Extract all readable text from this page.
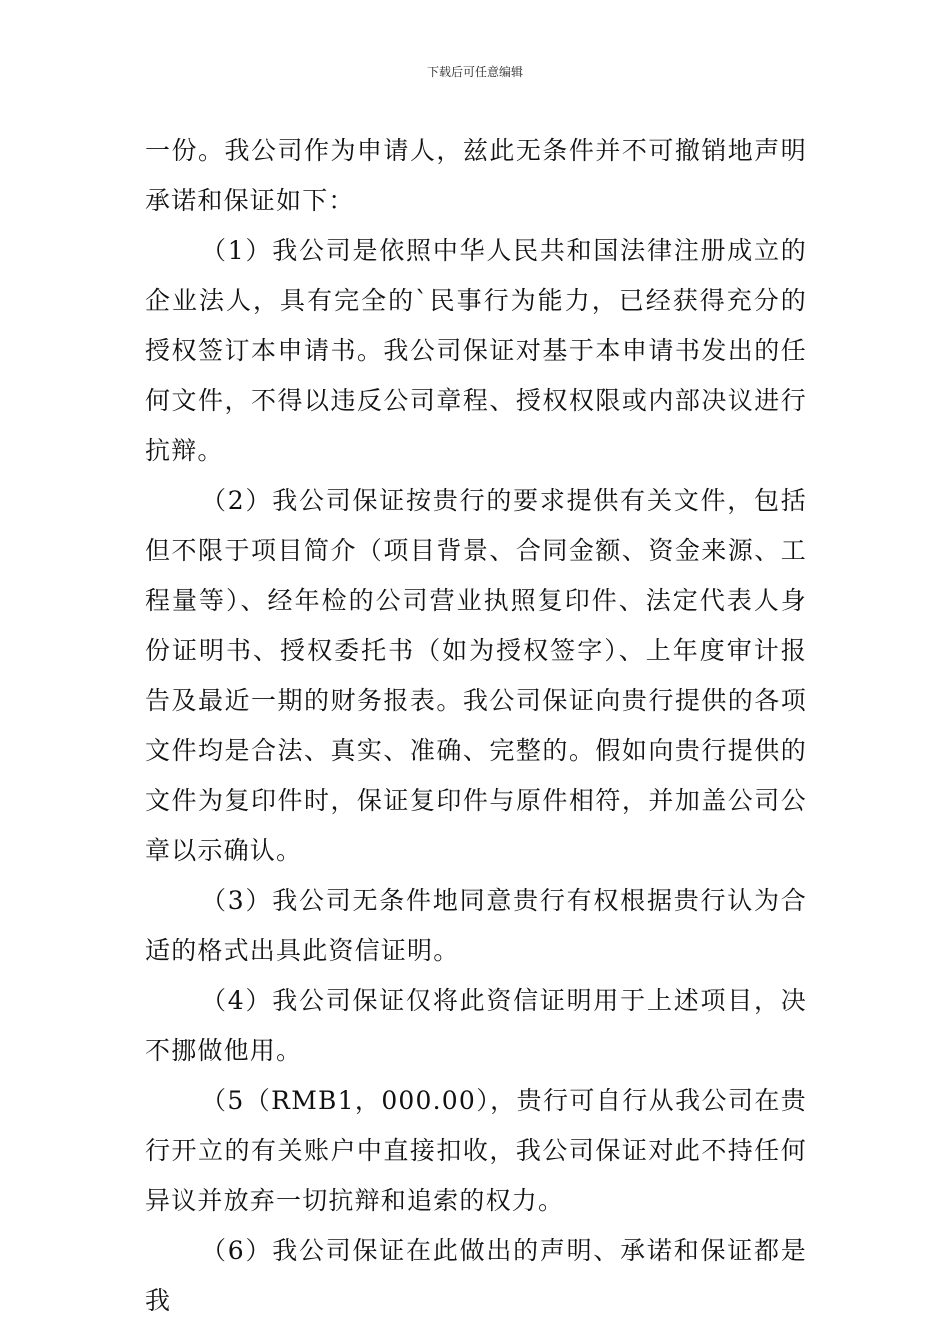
下载后可任意编辑

一份。我公司作为申请人，兹此无条件并不可撤销地声明承诺和保证如下：

（1）我公司是依照中华人民共和国法律注册成立的企业法人，具有完全的`民事行为能力，已经获得充分的授权签订本申请书。我公司保证对基于本申请书发出的任何文件，不得以违反公司章程、授权权限或内部决议进行抗辩。

（2）我公司保证按贵行的要求提供有关文件，包括但不限于项目简介（项目背景、合同金额、资金来源、工程量等）、经年检的公司营业执照复印件、法定代表人身份证明书、授权委托书（如为授权签字）、上年度审计报告及最近一期的财务报表。我公司保证向贵行提供的各项文件均是合法、真实、准确、完整的。假如向贵行提供的文件为复印件时，保证复印件与原件相符，并加盖公司公章以示确认。

（3）我公司无条件地同意贵行有权根据贵行认为合适的格式出具此资信证明。

（4）我公司保证仅将此资信证明用于上述项目，决不挪做他用。

（5（RMB1，000.00），贵行可自行从我公司在贵行开立的有关账户中直接扣收，我公司保证对此不持任何异议并放弃一切抗辩和追索的权力。

（6）我公司保证在此做出的声明、承诺和保证都是我
